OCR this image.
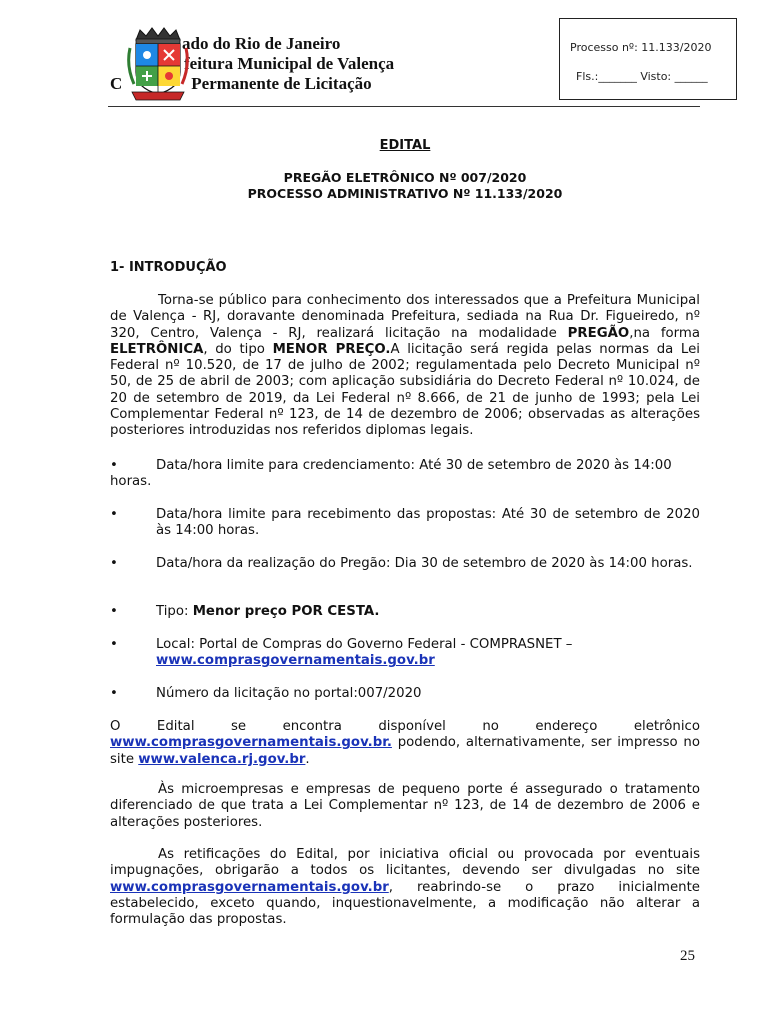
ado do Rio de Janeiro
feitura Municipal de Valença
C	Permanente de Licitação
Processo nº: 11.133/2020
Fls.:_______ Visto: ______
EDITAL
PREGÃO ELETRÔNICO Nº 007/2020
PROCESSO ADMINISTRATIVO Nº 11.133/2020
1- INTRODUÇÃO
Torna-se público para conhecimento dos interessados que a Prefeitura Municipal de Valença - RJ, doravante denominada Prefeitura, sediada na Rua Dr. Figueiredo, nº 320, Centro, Valença - RJ, realizará licitação na modalidade PREGÃO,na forma ELETRÔNICA, do tipo MENOR PREÇO.A licitação será regida pelas normas da Lei Federal nº 10.520, de 17 de julho de 2002; regulamentada pelo Decreto Municipal nº 50, de 25 de abril de 2003; com aplicação subsidiária do Decreto Federal nº 10.024, de 20 de setembro de 2019, da Lei Federal nº 8.666, de 21 de junho de 1993; pela Lei Complementar Federal nº 123, de 14 de dezembro de 2006; observadas as alterações posteriores introduzidas nos referidos diplomas legais.
•	Data/hora limite para credenciamento: Até 30 de setembro de 2020 às 14:00
horas.
•	Data/hora limite para recebimento das propostas: Até 30 de setembro de 2020 às 14:00 horas.
•	Data/hora da realização do Pregão: Dia 30 de setembro de 2020 às 14:00 horas.
•	Tipo: Menor preço POR CESTA.
•	Local: Portal de Compras do Governo Federal - COMPRASNET –
www.comprasgovernamentais.gov.br
•	Número da licitação no portal:007/2020
O Edital se encontra disponível no endereço eletrônico www.comprasgovernamentais.gov.br. podendo, alternativamente, ser impresso no site www.valenca.rj.gov.br.
Às microempresas e empresas de pequeno porte é assegurado o tratamento diferenciado de que trata a Lei Complementar nº 123, de 14 de dezembro de 2006 e alterações posteriores.
As retificações do Edital, por iniciativa oficial ou provocada por eventuais impugnações, obrigarão a todos os licitantes, devendo ser divulgadas no site www.comprasgovernamentais.gov.br, reabrindo-se o prazo inicialmente estabelecido, exceto quando, inquestionavelmente, a modificação não alterar a formulação das propostas.
25
